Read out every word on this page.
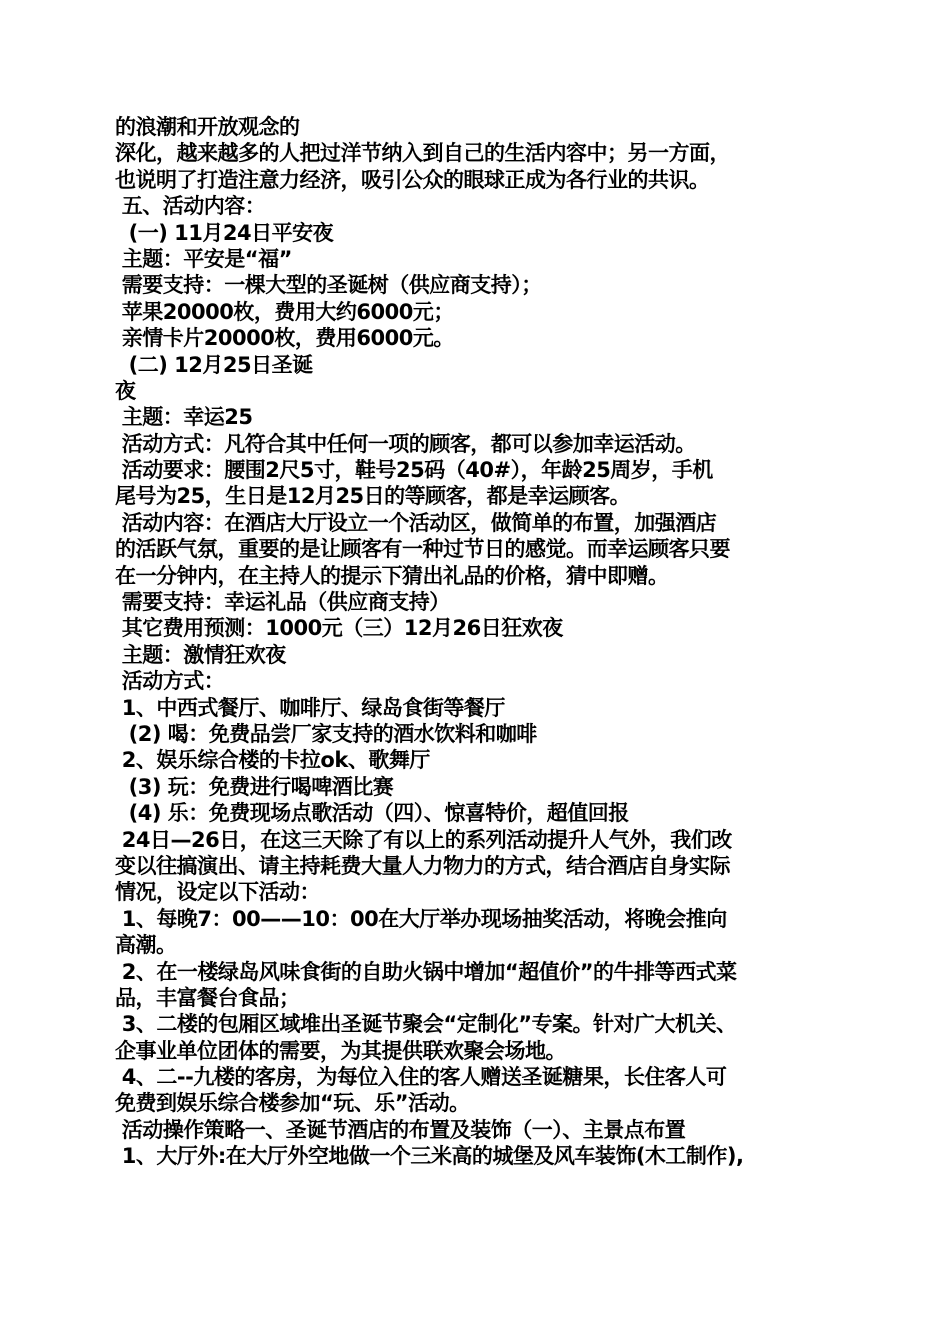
的浪潮和开放观念的
深化，越来越多的人把过洋节纳入到自己的生活内容中；另一方面，
也说明了打造注意力经济，吸引公众的眼球正成为各行业的共识。
五、活动内容：
(一) 11月24日平安夜
主题：平安是“福”
需要支持：一棵大型的圣诞树（供应商支持）；
苹果20000枚，费用大约6000元；
亲情卡片20000枚，费用6000元。
(二) 12月25日圣诞
夜
主题：幸运25
活动方式：凡符合其中任何一项的顾客，都可以参加幸运活动。
活动要求：腰围2尺5寸，鞋号25码（40#），年龄25周岁，手机
尾号为25，生日是12月25日的等顾客，都是幸运顾客。
活动内容：在酒店大厅设立一个活动区，做简单的布置，加强酒店
的活跃气氛，重要的是让顾客有一种过节日的感觉。而幸运顾客只要
在一分钟内，在主持人的提示下猜出礼品的价格，猜中即赠。
需要支持：幸运礼品（供应商支持）
其它费用预测：1000元（三）12月26日狂欢夜
主题：激情狂欢夜
活动方式：
1、中西式餐厅、咖啡厅、绿岛食街等餐厅
(2) 喝：免费品尝厂家支持的酒水饮料和咖啡
2、娱乐综合楼的卡拉ok、歌舞厅
(3) 玩：免费进行喝啤酒比赛
(4) 乐：免费现场点歌活动（四）、惊喜特价，超值回报
24日—26日，在这三天除了有以上的系列活动提升人气外，我们改
变以往搞演出、请主持耗费大量人力物力的方式，结合酒店自身实际
情况，设定以下活动：
1、每晚7：00——10：00在大厅举办现场抽奖活动，将晚会推向
高潮。
2、在一楼绿岛风味食街的自助火锅中增加“超值价”的牛排等西式菜
品，丰富餐台食品；
3、二楼的包厢区域堆出圣诞节聚会“定制化”专案。针对广大机关、
企事业单位团体的需要，为其提供联欢聚会场地。
4、二--九楼的客房，为每位入住的客人赠送圣诞糖果，长住客人可
免费到娱乐综合楼参加“玩、乐”活动。
活动操作策略一、圣诞节酒店的布置及装饰（一）、主景点布置
1、大厅外:在大厅外空地做一个三米高的城堡及风车装饰(木工制作),
